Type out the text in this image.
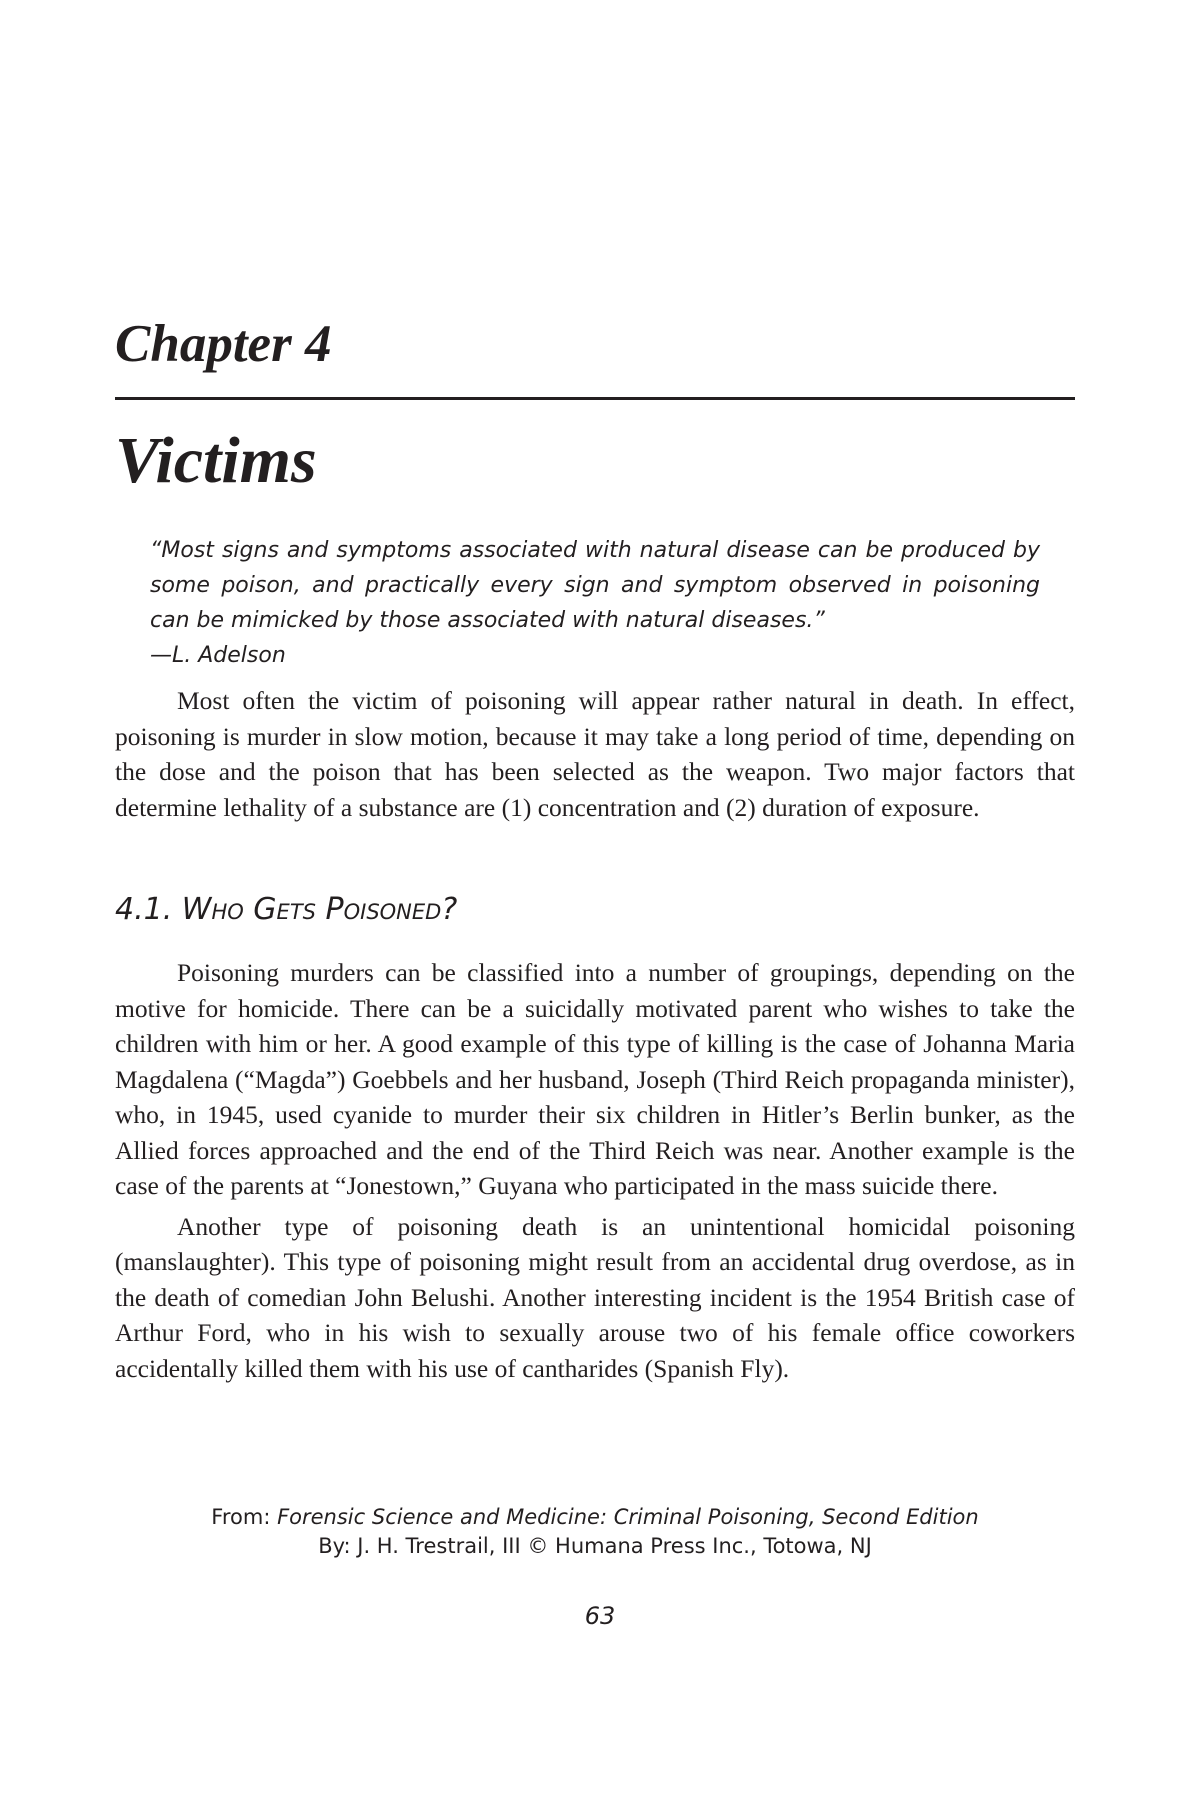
Chapter 4
Victims

“Most signs and symptoms associated with natural disease can be produced by some poison, and practically every sign and symptom observed in poisoning can be mimicked by those associated with natural diseases.”

—L. Adelson

Most often the victim of poisoning will appear rather natural in death. In effect, poisoning is murder in slow motion, because it may take a long period of time, depending on the dose and the poison that has been selected as the weapon. Two major factors that determine lethality of a substance are (1) concentration and (2) duration of exposure.

4.1. Who Gets Poisoned?

Poisoning murders can be classified into a number of groupings, depending on the motive for homicide. There can be a suicidally motivated parent who wishes to take the children with him or her. A good example of this type of killing is the case of Johanna Maria Magdalena (“Magda”) Goebbels and her husband, Joseph (Third Reich propaganda minister), who, in 1945, used cyanide to murder their six children in Hitler’s Berlin bunker, as the Allied forces approached and the end of the Third Reich was near. Another example is the case of the parents at “Jonestown,” Guyana who participated in the mass suicide there.

Another type of poisoning death is an unintentional homicidal poisoning (manslaughter). This type of poisoning might result from an accidental drug overdose, as in the death of comedian John Belushi. Another interesting incident is the 1954 British case of Arthur Ford, who in his wish to sexually arouse two of his female office coworkers accidentally killed them with his use of cantharides (Spanish Fly).

From: Forensic Science and Medicine: Criminal Poisoning, Second Edition
By: J. H. Trestrail, III © Humana Press Inc., Totowa, NJ
63
